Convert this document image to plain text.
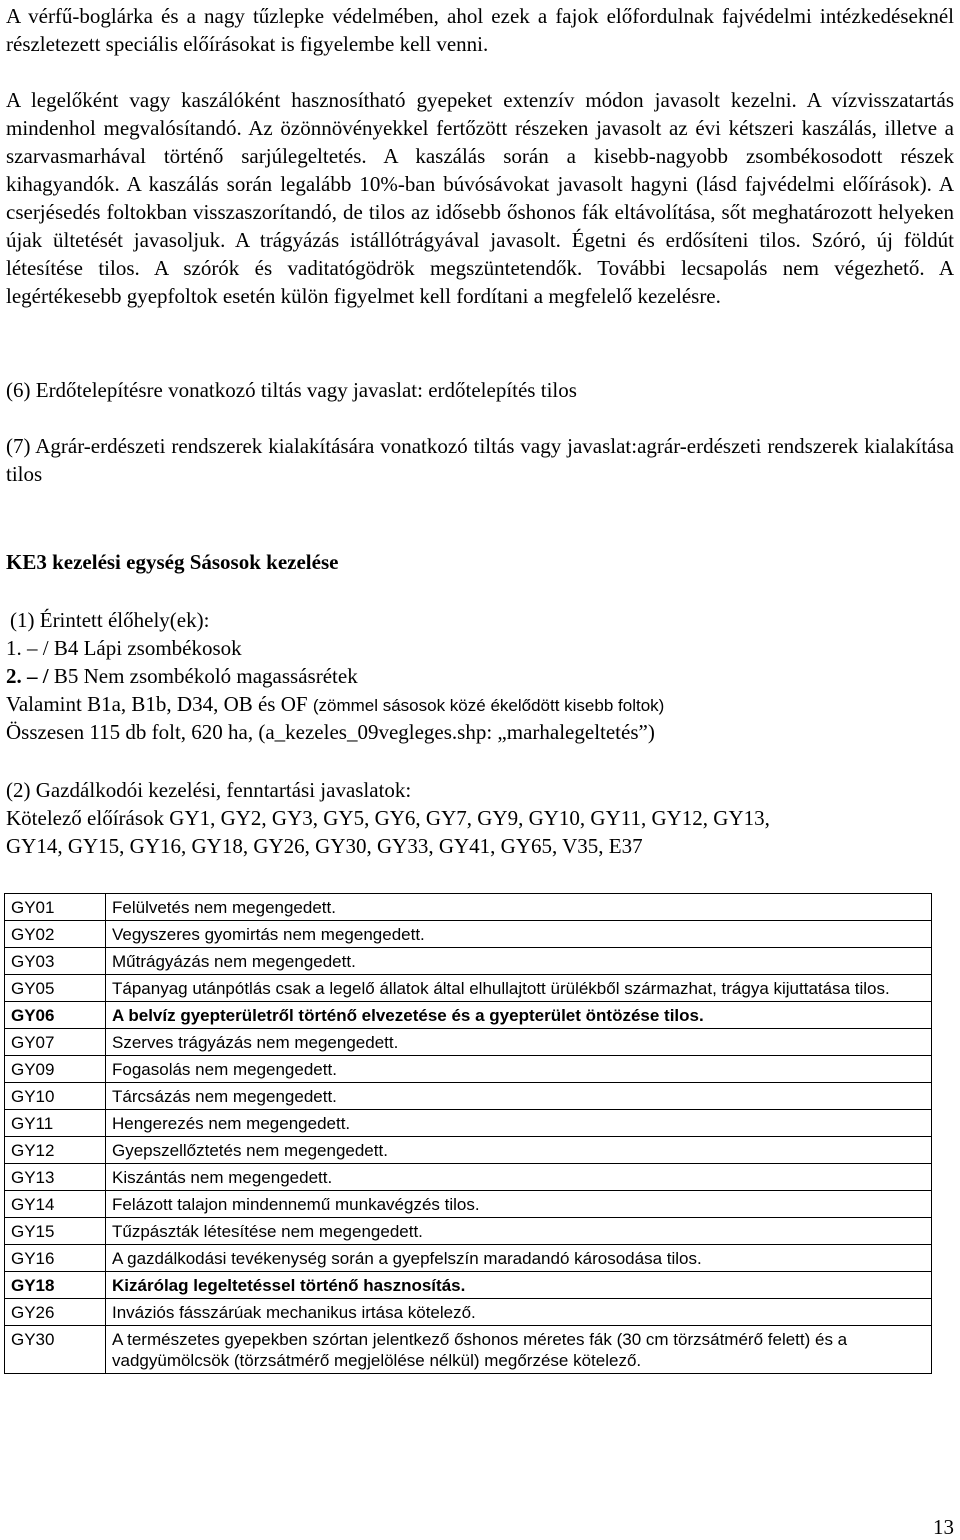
A vérfű-boglárka és a nagy tűzlepke védelmében, ahol ezek a fajok előfordulnak fajvédelmi intézkedéseknél részletezett speciális előírásokat is figyelembe kell venni.

A legelőként vagy kaszálóként hasznosítható gyepeket extenzív módon javasolt kezelni. A vízvisszatartás mindenhol megvalósítandó. Az özönnövényekkel fertőzött részeken javasolt az évi kétszeri kaszálás, illetve a szarvasmarhával történő sarjúlegeltetés. A kaszálás során a kisebb-nagyobb zsombékosodott részek kihagyandók. A kaszálás során legalább 10%-ban búvósávokat javasolt hagyni (lásd fajvédelmi előírások). A cserjésedés foltokban visszaszorítandó, de tilos az idősebb őshonos fák eltávolítása, sőt meghatározott helyeken újak ültetését javasoljuk. A trágyázás istállótrágyával javasolt. Égetni és erdősíteni tilos. Szóró, új földút létesítése tilos. A szórók és vaditatógödrök megszüntetendők. További lecsapolás nem végezhető. A legértékesebb gyepfoltok esetén külön figyelmet kell fordítani a megfelelő kezelésre.

(6) Erdőtelepítésre vonatkozó tiltás vagy javaslat: erdőtelepítés tilos

(7) Agrár-erdészeti rendszerek kialakítására vonatkozó tiltás vagy javaslat:agrár-erdészeti rendszerek kialakítása tilos

KE3 kezelési egység Sásosok kezelése

(1) Érintett élőhely(ek):

1. – / B4 Lápi zsombékosok

2. – / B5 Nem zsombékoló magassásrétek

Valamint B1a, B1b, D34, OB és OF (zömmel sásosok közé ékelődött kisebb foltok)

Összesen 115 db folt, 620 ha, (a_kezeles_09vegleges.shp: „marhalegeltetés”)

(2) Gazdálkodói kezelési, fenntartási javaslatok:

Kötelező előírások GY1, GY2, GY3, GY5, GY6, GY7, GY9, GY10, GY11, GY12, GY13,

GY14, GY15, GY16, GY18, GY26, GY30, GY33, GY41, GY65, V35, E37

GY01	Felülvetés nem megengedett.
GY02	Vegyszeres gyomirtás nem megengedett.
GY03	Műtrágyázás nem megengedett.
GY05	Tápanyag utánpótlás csak a legelő állatok által elhullajtott ürülékből származhat, trágya kijuttatása tilos.
GY06	A belvíz gyepterületről történő elvezetése és a gyepterület öntözése tilos.
GY07	Szerves trágyázás nem megengedett.
GY09	Fogasolás nem megengedett.
GY10	Tárcsázás nem megengedett.
GY11	Hengerezés nem megengedett.
GY12	Gyepszellőztetés nem megengedett.
GY13	Kiszántás nem megengedett.
GY14	Felázott talajon mindennemű munkavégzés tilos.
GY15	Tűzpászták létesítése nem megengedett.
GY16	A gazdálkodási tevékenység során a gyepfelszín maradandó károsodása tilos.
GY18	Kizárólag legeltetéssel történő hasznosítás.
GY26	Inváziós fásszárúak mechanikus irtása kötelező.
GY30	A természetes gyepekben szórtan jelentkező őshonos méretes fák (30 cm törzsátmérő felett) és a vadgyümölcsök (törzsátmérő megjelölése nélkül) megőrzése kötelező.
13
